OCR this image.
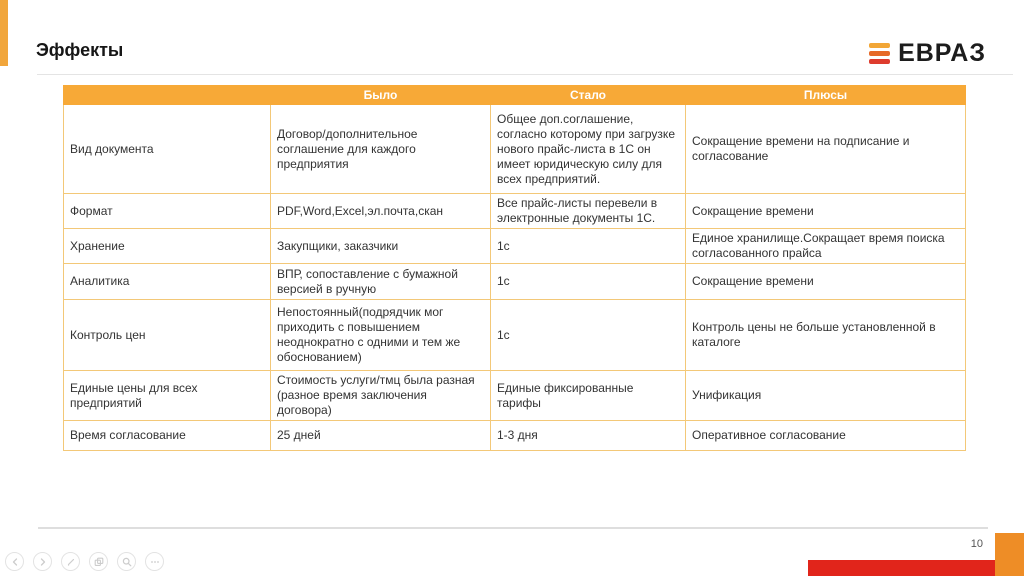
Эффекты	ЕВРАЗ
	Было	Стало	Плюсы
Вид документа	Договор/дополнительное соглашение для каждого предприятия	Общее доп.соглашение, согласно которому при загрузке нового прайс-листа в 1С он имеет юридическую силу для всех предприятий.	Сокращение времени на подписание и согласование
Формат	PDF,Word,Excel,эл.почта,скан	Все прайс-листы перевели в электронные документы 1С.	Сокращение времени
Хранение	Закупщики, заказчики	1с	Единое хранилище.Сокращает время поиска согласованного прайса
Аналитика	ВПР, сопоставление с бумажной версией в ручную	1с	Сокращение времени
Контроль цен	Непостоянный(подрядчик мог приходить с повышением неоднократно с одними и тем же обоснованием)	1с	Контроль цены не больше установленной в каталоге
Единые цены для всех предприятий	Стоимость услуги/тмц была разная (разное время заключения договора)	Единые фиксированные тарифы	Унификация
Время согласование	25 дней	1-3 дня	Оперативное согласование
10
